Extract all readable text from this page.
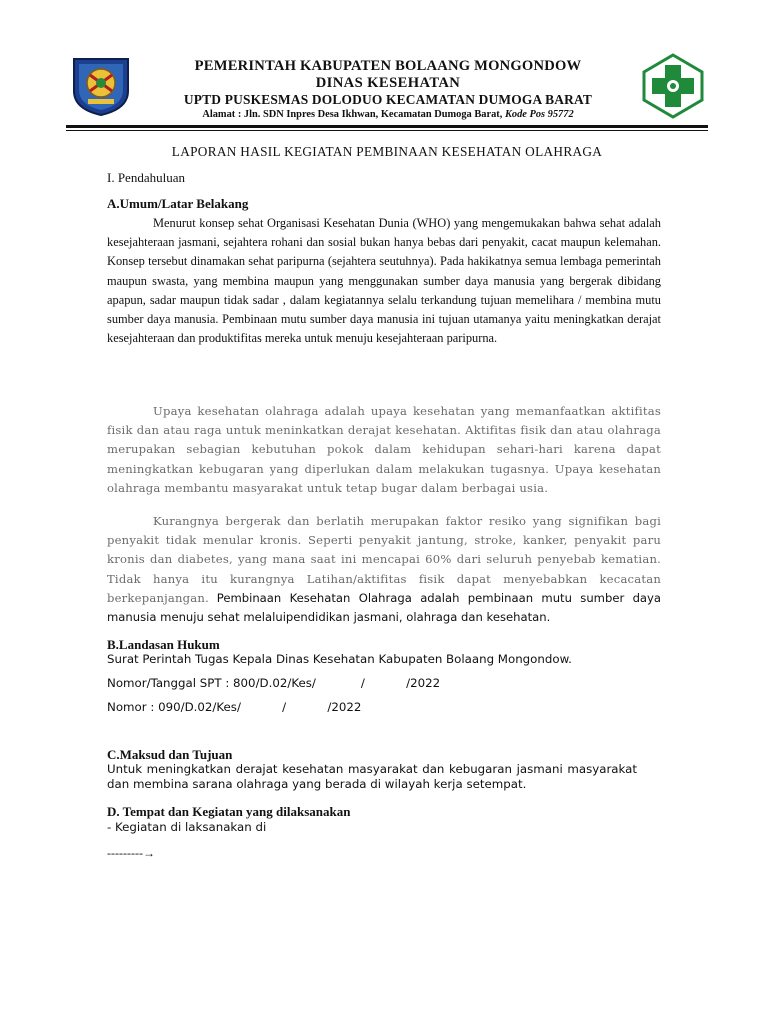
PEMERINTAH KABUPATEN BOLAANG MONGONDOW
DINAS KESEHATAN
UPTD PUSKESMAS DOLODUO KECAMATAN DUMOGA BARAT
Alamat : Jln. SDN Inpres Desa Ikhwan, Kecamatan Dumoga Barat, Kode Pos 95772
LAPORAN HASIL KEGIATAN PEMBINAAN KESEHATAN OLAHRAGA
I. Pendahuluan
A.Umum/Latar Belakang
Menurut konsep sehat Organisasi Kesehatan Dunia (WHO) yang mengemukakan bahwa sehat adalah kesejahteraan jasmani, sejahtera rohani dan sosial bukan hanya bebas dari penyakit, cacat maupun kelemahan. Konsep tersebut dinamakan sehat paripurna (sejahtera seutuhnya). Pada hakikatnya semua lembaga pemerintah maupun swasta, yang membina maupun yang menggunakan sumber daya manusia yang bergerak dibidang apapun, sadar maupun tidak sadar , dalam kegiatannya selalu terkandung tujuan memelihara / membina mutu sumber daya manusia. Pembinaan mutu sumber daya manusia ini tujuan utamanya yaitu meningkatkan derajat kesejahteraan dan produktifitas mereka untuk menuju kesejahteraan paripurna.
Upaya kesehatan olahraga adalah upaya kesehatan yang memanfaatkan aktifitas fisik dan atau raga untuk meninkatkan derajat kesehatan. Aktifitas fisik dan atau olahraga merupakan sebagian kebutuhan pokok dalam kehidupan sehari-hari karena dapat meningkatkan kebugaran yang diperlukan dalam melakukan tugasnya. Upaya kesehatan olahraga membantu masyarakat untuk tetap bugar dalam berbagai usia.
Kurangnya bergerak dan berlatih merupakan faktor resiko yang signifikan bagi penyakit tidak menular kronis. Seperti penyakit jantung, stroke, kanker, penyakit paru kronis dan diabetes, yang mana saat ini mencapai 60% dari seluruh penyebab kematian. Tidak hanya itu kurangnya Latihan/aktifitas fisik dapat menyebabkan kecacatan berkepanjangan. Pembinaan Kesehatan Olahraga adalah pembinaan mutu sumber daya manusia menuju sehat melaluipendidikan jasmani, olahraga dan kesehatan.
B.Landasan Hukum
Surat Perintah Tugas Kepala Dinas Kesehatan Kabupaten Bolaang Mongondow.
Nomor/Tanggal SPT : 800/D.02/Kes/            /           /2022
Nomor : 090/D.02/Kes/           /           /2022
C.Maksud dan Tujuan
Untuk meningkatkan derajat kesehatan masyarakat dan kebugaran jasmani masyarakat dan membina sarana olahraga yang berada di wilayah kerja setempat.
D. Tempat dan Kegiatan yang dilaksanakan
- Kegiatan di laksanakan di
---------→
